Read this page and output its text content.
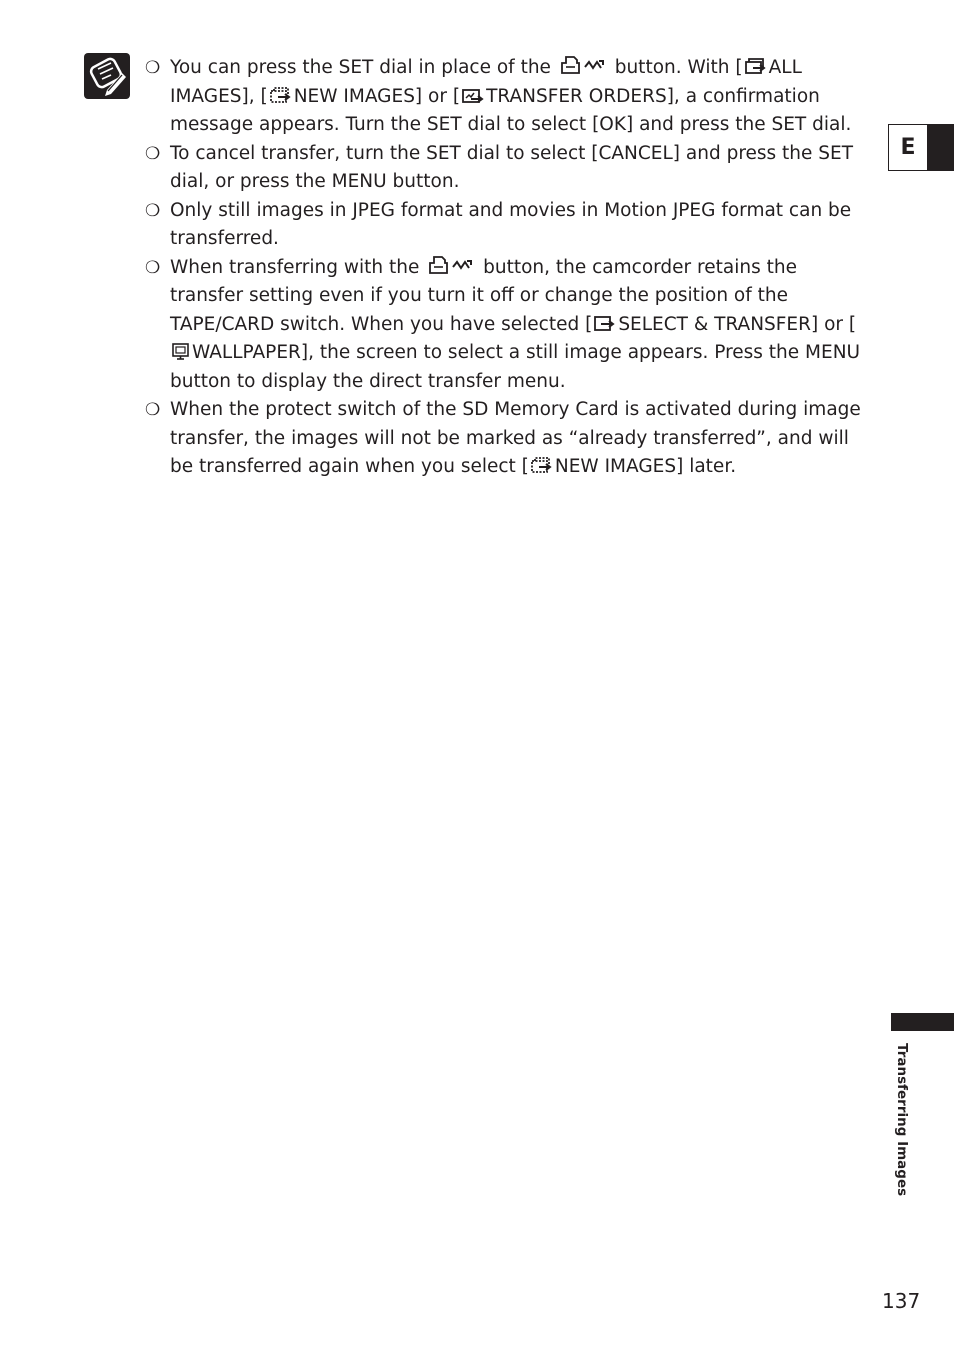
❍ You can press the SET dial in place of the	button. With [ ALL IMAGES], [ NEW IMAGES] or [ TRANSFER ORDERS], a confirmation message appears. Turn the SET dial to select [OK] and press the SET dial.
❍ To cancel transfer, turn the SET dial to select [CANCEL] and press the SET dial, or press the MENU button.
❍ Only still images in JPEG format and movies in Motion JPEG format can be transferred.
❍ When transferring with the	button, the camcorder retains the transfer setting even if you turn it off or change the position of the TAPE/CARD switch. When you have selected [ SELECT & TRANSFER] or [
WALLPAPER], the screen to select a still image appears. Press the MENU button to display the direct transfer menu.
❍ When the protect switch of the SD Memory Card is activated during image transfer, the images will not be marked as “already transferred”, and will be transferred again when you select [ NEW IMAGES] later.
E
Transferring Images
137
